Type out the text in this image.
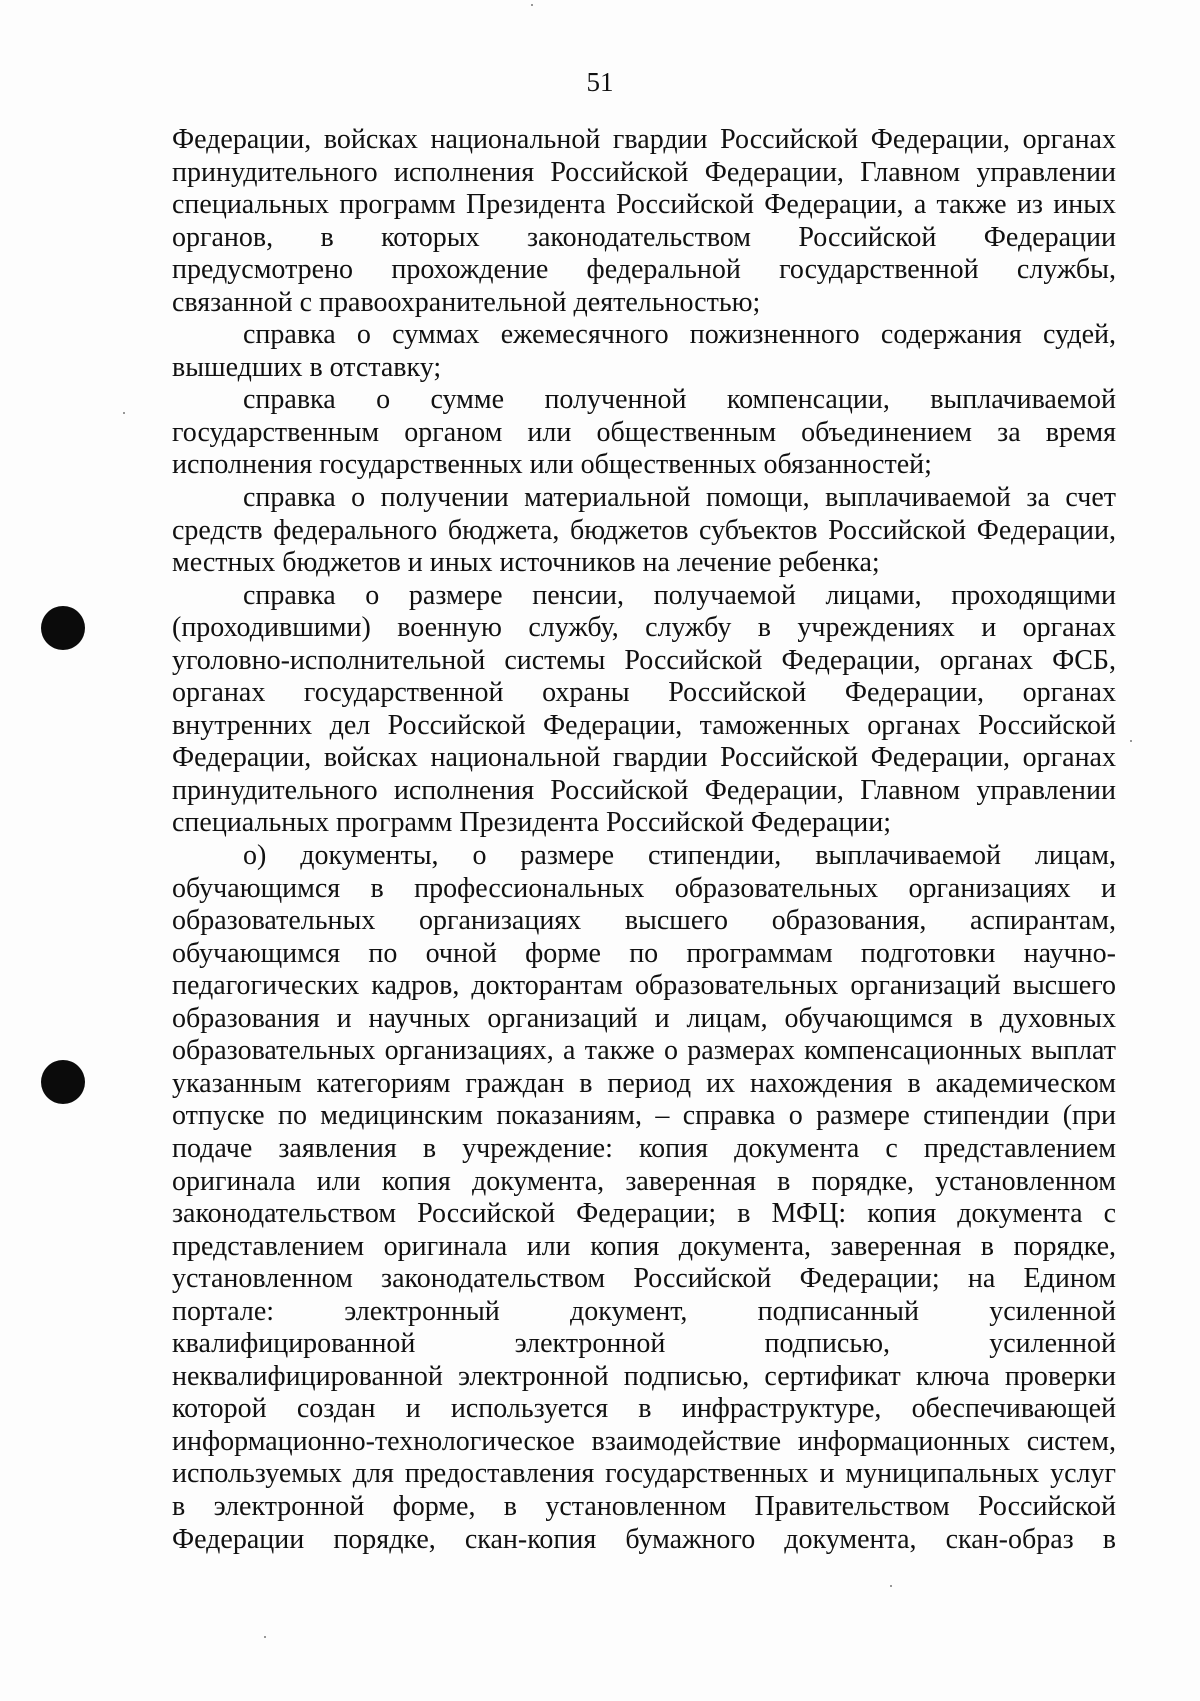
51
Федерации, войсках национальной гвардии Российской Федерации, органах
принудительного исполнения Российской Федерации, Главном управлении
специальных программ Президента Российской Федерации, а также из иных
органов, в которых законодательством Российской Федерации
предусмотрено прохождение федеральной государственной службы,
связанной с правоохранительной деятельностью;
справка о суммах ежемесячного пожизненного содержания судей,
вышедших в отставку;
справка о сумме полученной компенсации, выплачиваемой
государственным органом или общественным объединением за время
исполнения государственных или общественных обязанностей;
справка о получении материальной помощи, выплачиваемой за счет
средств федерального бюджета, бюджетов субъектов Российской Федерации,
местных бюджетов и иных источников на лечение ребенка;
справка о размере пенсии, получаемой лицами, проходящими
(проходившими) военную службу, службу в учреждениях и органах
уголовно-исполнительной системы Российской Федерации, органах ФСБ,
органах государственной охраны Российской Федерации, органах
внутренних дел Российской Федерации, таможенных органах Российской
Федерации, войсках национальной гвардии Российской Федерации, органах
принудительного исполнения Российской Федерации, Главном управлении
специальных программ Президента Российской Федерации;
о) документы, о размере стипендии, выплачиваемой лицам,
обучающимся в профессиональных образовательных организациях и
образовательных организациях высшего образования, аспирантам,
обучающимся по очной форме по программам подготовки научно-
педагогических кадров, докторантам образовательных организаций высшего
образования и научных организаций и лицам, обучающимся в духовных
образовательных организациях, а также о размерах компенсационных выплат
указанным категориям граждан в период их нахождения в академическом
отпуске по медицинским показаниям, – справка о размере стипендии (при
подаче заявления в учреждение: копия документа с представлением
оригинала или копия документа, заверенная в порядке, установленном
законодательством Российской Федерации; в МФЦ: копия документа с
представлением оригинала или копия документа, заверенная в порядке,
установленном законодательством Российской Федерации; на Едином
портале: электронный документ, подписанный усиленной
квалифицированной электронной подписью, усиленной
неквалифицированной электронной подписью, сертификат ключа проверки
которой создан и используется в инфраструктуре, обеспечивающей
информационно-технологическое взаимодействие информационных систем,
используемых для предоставления государственных и муниципальных услуг
в электронной форме, в установленном Правительством Российской
Федерации порядке, скан-копия бумажного документа, скан-образ в
